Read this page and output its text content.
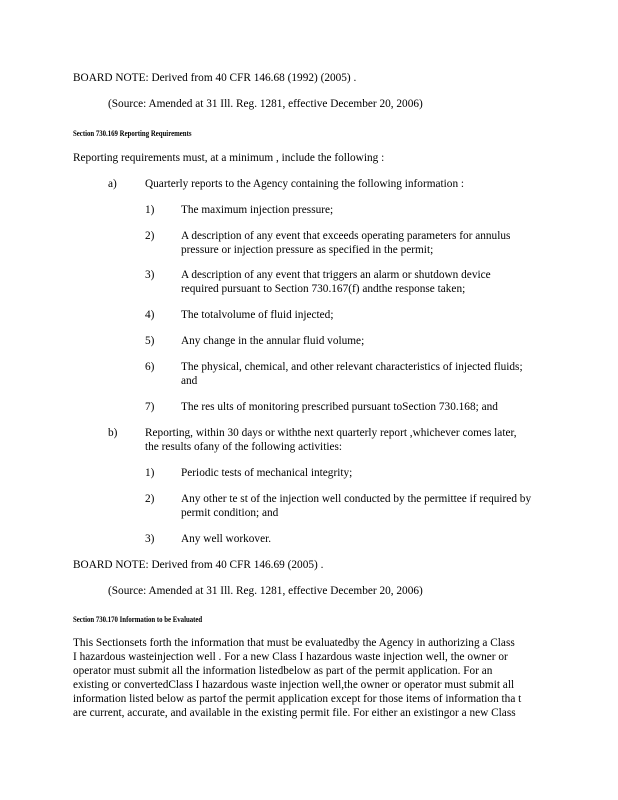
BOARD NOTE: Derived from 40 CFR 146.68 (1992) (2005) .
(Source: Amended at 31 Ill. Reg. 1281, effective December 20, 2006)
Section 730.169 Reporting Requirements
Reporting requirements must, at a minimum , include the following :
a) Quarterly reports to the Agency containing the following information :
1) The maximum injection pressure;
2) A description of any event that exceeds operating parameters for annulus
pressure or injection pressure as specified in the permit;
3) A description of any event that triggers an alarm or shutdown device
required pursuant to Section 730.167(f) andthe response taken;
4) The totalvolume of fluid injected;
5) Any change in the annular fluid volume;
6) The physical, chemical, and other relevant characteristics of injected fluids;
and
7) The res ults of monitoring prescribed pursuant toSection 730.168; and
b) Reporting, within 30 days or withthe next quarterly report ,whichever comes later,
the results ofany of the following activities:
1) Periodic tests of mechanical integrity;
2) Any other te st of the injection well conducted by the permittee if required by
permit condition; and
3) Any well workover.
BOARD NOTE: Derived from 40 CFR 146.69 (2005) .
(Source: Amended at 31 Ill. Reg. 1281, effective December 20, 2006)
Section 730.170 Information to be Evaluated
This Sectionsets forth the information that must be evaluatedby the Agency in authorizing a Class
I hazardous wasteinjection well . For a new Class I hazardous waste injection well, the owner or
operator must submit all the information listedbelow as part of the permit application. For an
existing or convertedClass I hazardous waste injection well,the owner or operator must submit all
information listed below as partof the permit application except for those items of information tha t
are current, accurate, and available in the existing permit file. For either an existingor a new Class
